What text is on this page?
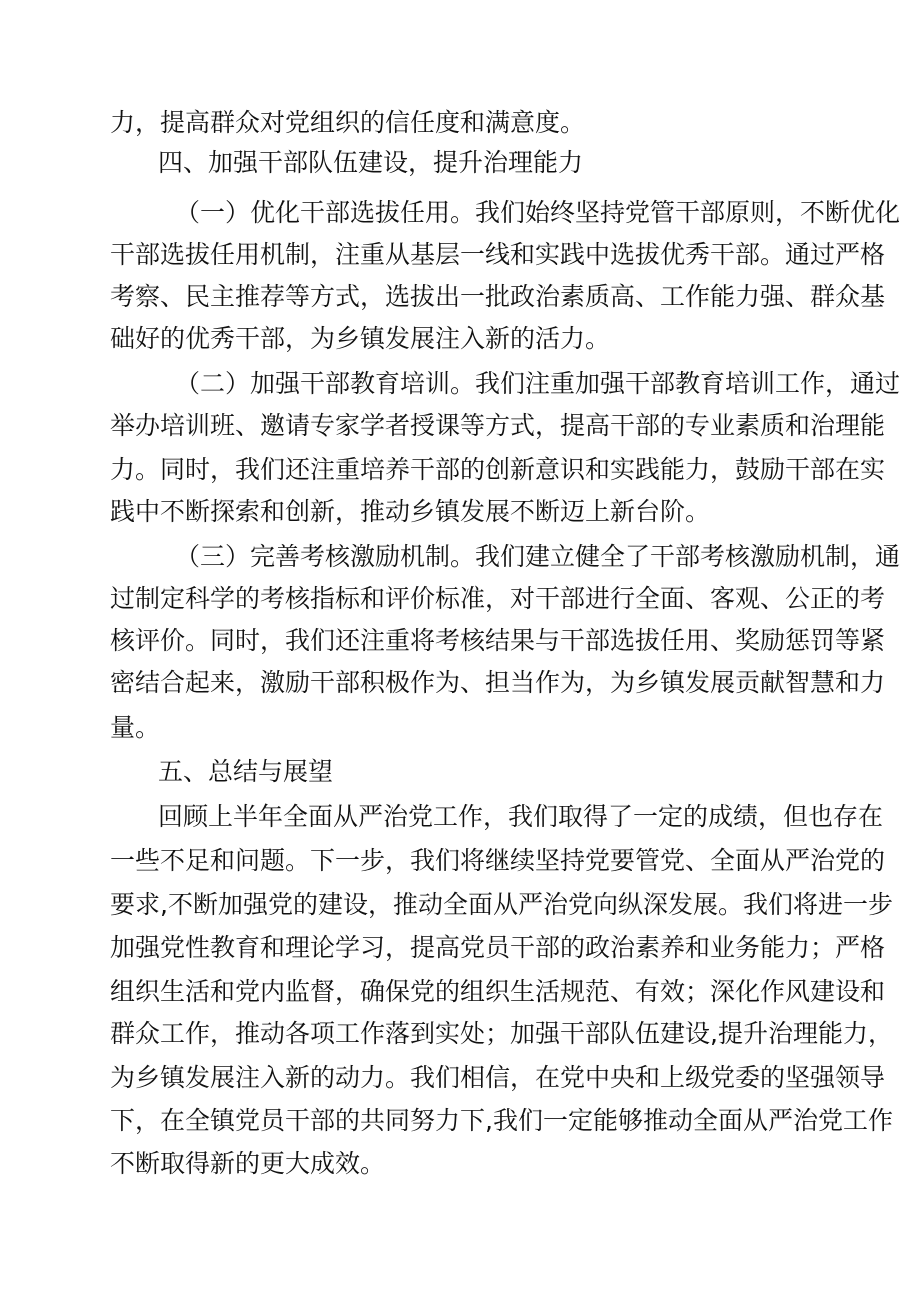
力，提高群众对党组织的信任度和满意度。
四、加强干部队伍建设，提升治理能力
（一）优化干部选拔任用。我们始终坚持党管干部原则，不断优化
干部选拔任用机制，注重从基层一线和实践中选拔优秀干部。通过严格
考察、民主推荐等方式，选拔出一批政治素质高、工作能力强、群众基
础好的优秀干部，为乡镇发展注入新的活力。
（二）加强干部教育培训。我们注重加强干部教育培训工作，通过
举办培训班、邀请专家学者授课等方式，提高干部的专业素质和治理能
力。同时，我们还注重培养干部的创新意识和实践能力，鼓励干部在实
践中不断探索和创新，推动乡镇发展不断迈上新台阶。
（三）完善考核激励机制。我们建立健全了干部考核激励机制，通
过制定科学的考核指标和评价标准，对干部进行全面、客观、公正的考
核评价。同时，我们还注重将考核结果与干部选拔任用、奖励惩罚等紧
密结合起来，激励干部积极作为、担当作为，为乡镇发展贡献智慧和力
量。
五、总结与展望
回顾上半年全面从严治党工作，我们取得了一定的成绩，但也存在
一些不足和问题。下一步，我们将继续坚持党要管党、全面从严治党的
要求,不断加强党的建设，推动全面从严治党向纵深发展。我们将进一步
加强党性教育和理论学习，提高党员干部的政治素养和业务能力；严格
组织生活和党内监督，确保党的组织生活规范、有效；深化作风建设和
群众工作，推动各项工作落到实处；加强干部队伍建设,提升治理能力，
为乡镇发展注入新的动力。我们相信，在党中央和上级党委的坚强领导
下，在全镇党员干部的共同努力下,我们一定能够推动全面从严治党工作
不断取得新的更大成效。
